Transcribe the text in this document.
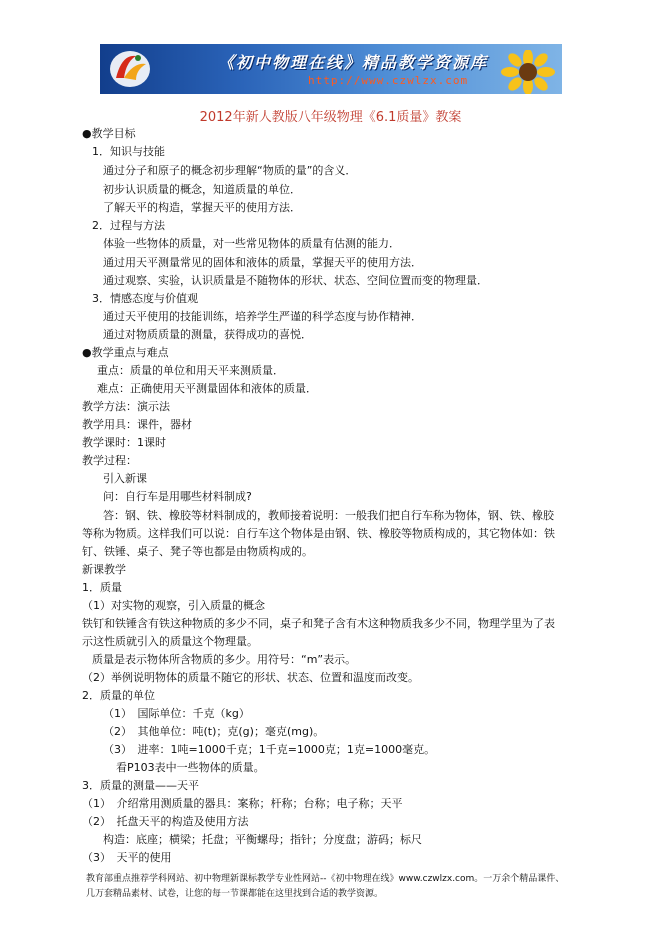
《初中物理在线》精品教学资源库
http://www.czwlzx.com
2012年新人教版八年级物理《6.1质量》教案
●教学目标
1．知识与技能
通过分子和原子的概念初步理解“物质的量”的含义．
初步认识质量的概念，知道质量的单位．
了解天平的构造，掌握天平的使用方法．
2．过程与方法
体验一些物体的质量，对一些常见物体的质量有估测的能力．
通过用天平测量常见的固体和液体的质量，掌握天平的使用方法．
通过观察、实验，认识质量是不随物体的形状、状态、空间位置而变的物理量．
3．情感态度与价值观
通过天平使用的技能训练，培养学生严谨的科学态度与协作精神．
通过对物质质量的测量，获得成功的喜悦．
●教学重点与难点
重点：质量的单位和用天平来测质量．
难点：正确使用天平测量固体和液体的质量．
教学方法：演示法
教学用具：课件，器材
教学课时：1课时
教学过程：
引入新课
问：自行车是用哪些材料制成?
答：钢、铁、橡胶等材料制成的，教师接着说明：一般我们把自行车称为物体，钢、铁、橡胶
等称为物质。这样我们可以说：自行车这个物体是由钢、铁、橡胶等物质构成的，其它物体如：铁
钉、铁锤、桌子、凳子等也都是由物质构成的。
新课教学
1．质量
（1）对实物的观察，引入质量的概念
铁钉和铁锤含有铁这种物质的多少不同，桌子和凳子含有木这种物质我多少不同，物理学里为了表
示这性质就引入的质量这个物理量。
质量是表示物体所含物质的多少。用符号：“m”表示。
（2）举例说明物体的质量不随它的形状、状态、位置和温度而改变。
2．质量的单位
（1）　国际单位：千克（kg）
（2）　其他单位：吨(t)；克(g)；毫克(mg)。
（3）　进率：1吨=1000千克；1千克=1000克；1克=1000毫克。
看P103表中一些物体的质量。
3．质量的测量——天平
（1）　介绍常用测质量的器具：案称；杆称；台称；电子称；天平
（2）　托盘天平的构造及使用方法
构造：底座；横梁；托盘；平衡螺母；指针；分度盘；游码；标尺
（3）　天平的使用
教育部重点推荐学科网站、初中物理新课标教学专业性网站--《初中物理在线》www.czwlzx.com。一万余个精品课件、
几万套精品素材、试卷，让您的每一节课都能在这里找到合适的教学资源。
